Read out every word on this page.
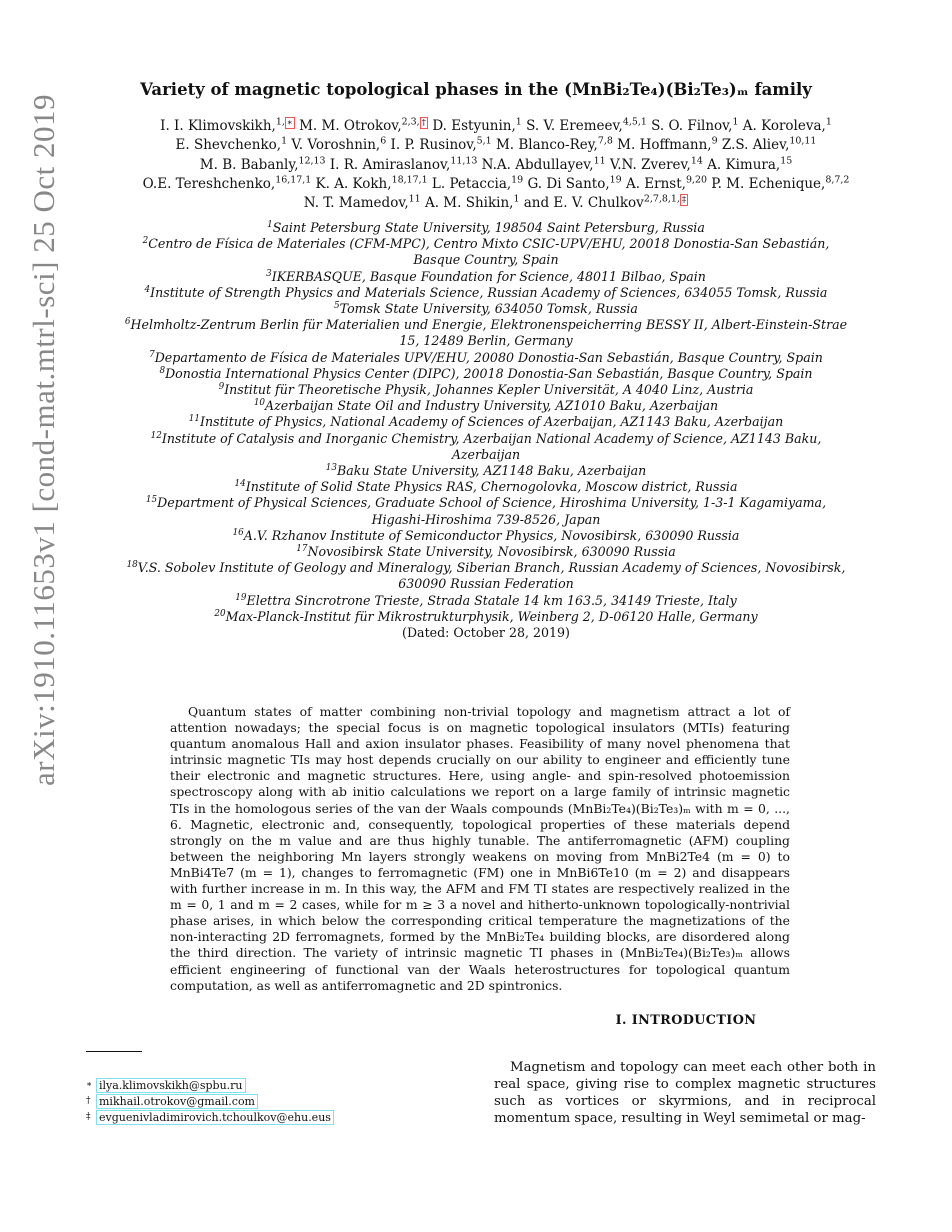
arXiv:1910.11653v1 [cond-mat.mtrl-sci] 25 Oct 2019
Variety of magnetic topological phases in the (MnBi₂Te₄)(Bi₂Te₃)ₘ family
I. I. Klimovskikh,$^{1,}$ ∗ M. M. Otrokov,$^{2,3,}$ † D. Estyunin,$^1$ S. V. Eremeev,$^{4,5,1}$ S. O. Filnov,$^1$ A. Koroleva,$^1$ E. Shevchenko,$^1$ V. Voroshnin,$^6$ I. P. Rusinov,$^{5,1}$ M. Blanco-Rey,$^{7,8}$ M. Hoffmann,$^9$ Z.S. Aliev,$^{10,11}$ M. B. Babanly,$^{12,13}$ I. R. Amiraslanov,$^{11,13}$ N.A. Abdullayev,$^{11}$ V.N. Zverev,$^{14}$ A. Kimura,$^{15}$ O.E. Tereshchenko,$^{16,17,1}$ K. A. Kokh,$^{18,17,1}$ L. Petaccia,$^{19}$ G. Di Santo,$^{19}$ A. Ernst,$^{9,20}$ P. M. Echenique,$^{8,7,2}$ N. T. Mamedov,$^{11}$ A. M. Shikin,$^1$ and E. V. Chulkov$^{2,7,8,1,}$ ‡
$^1$Saint Petersburg State University, 198504 Saint Petersburg, Russia
$^2$Centro de Física de Materiales (CFM-MPC), Centro Mixto CSIC-UPV/EHU, 20018 Donostia-San Sebastián, Basque Country, Spain
$^3$IKERBASQUE, Basque Foundation for Science, 48011 Bilbao, Spain
$^4$Institute of Strength Physics and Materials Science, Russian Academy of Sciences, 634055 Tomsk, Russia
$^5$Tomsk State University, 634050 Tomsk, Russia
$^6$Helmholtz-Zentrum Berlin für Materialien und Energie, Elektronenspeicherring BESSY II, Albert-Einstein-Strae 15, 12489 Berlin, Germany
$^7$Departamento de Física de Materiales UPV/EHU, 20080 Donostia-San Sebastián, Basque Country, Spain
$^8$Donostia International Physics Center (DIPC), 20018 Donostia-San Sebastián, Basque Country, Spain
$^9$Institut für Theoretische Physik, Johannes Kepler Universität, A 4040 Linz, Austria
$^{10}$Azerbaijan State Oil and Industry University, AZ1010 Baku, Azerbaijan
$^{11}$Institute of Physics, National Academy of Sciences of Azerbaijan, AZ1143 Baku, Azerbaijan
$^{12}$Institute of Catalysis and Inorganic Chemistry, Azerbaijan National Academy of Science, AZ1143 Baku, Azerbaijan
$^{13}$Baku State University, AZ1148 Baku, Azerbaijan
$^{14}$Institute of Solid State Physics RAS, Chernogolovka, Moscow district, Russia
$^{15}$Department of Physical Sciences, Graduate School of Science, Hiroshima University, 1-3-1 Kagamiyama, Higashi-Hiroshima 739-8526, Japan
$^{16}$A.V. Rzhanov Institute of Semiconductor Physics, Novosibirsk, 630090 Russia
$^{17}$Novosibirsk State University, Novosibirsk, 630090 Russia
$^{18}$V.S. Sobolev Institute of Geology and Mineralogy, Siberian Branch, Russian Academy of Sciences, Novosibirsk, 630090 Russian Federation
$^{19}$Elettra Sincrotrone Trieste, Strada Statale 14 km 163.5, 34149 Trieste, Italy
$^{20}$Max-Planck-Institut für Mikrostrukturphysik, Weinberg 2, D-06120 Halle, Germany
(Dated: October 28, 2019)
Quantum states of matter combining non-trivial topology and magnetism attract a lot of attention nowadays; the special focus is on magnetic topological insulators (MTIs) featuring quantum anomalous Hall and axion insulator phases. Feasibility of many novel phenomena that intrinsic magnetic TIs may host depends crucially on our ability to engineer and efficiently tune their electronic and magnetic structures. Here, using angle- and spin-resolved photoemission spectroscopy along with ab initio calculations we report on a large family of intrinsic magnetic TIs in the homologous series of the van der Waals compounds (MnBi₂Te₄)(Bi₂Te₃)ₘ with m = 0, ..., 6. Magnetic, electronic and, consequently, topological properties of these materials depend strongly on the m value and are thus highly tunable. The antiferromagnetic (AFM) coupling between the neighboring Mn layers strongly weakens on moving from MnBi2Te4 (m = 0) to MnBi4Te7 (m = 1), changes to ferromagnetic (FM) one in MnBi6Te10 (m = 2) and disappears with further increase in m. In this way, the AFM and FM TI states are respectively realized in the m = 0, 1 and m = 2 cases, while for m ≥ 3 a novel and hitherto-unknown topologically-nontrivial phase arises, in which below the corresponding critical temperature the magnetizations of the non-interacting 2D ferromagnets, formed by the MnBi₂Te₄ building blocks, are disordered along the third direction. The variety of intrinsic magnetic TI phases in (MnBi₂Te₄)(Bi₂Te₃)ₘ allows efficient engineering of functional van der Waals heterostructures for topological quantum computation, as well as antiferromagnetic and 2D spintronics.
I. INTRODUCTION
Magnetism and topology can meet each other both in real space, giving rise to complex magnetic structures such as vortices or skyrmions, and in reciprocal momentum space, resulting in Weyl semimetal or mag-
∗ ilya.klimovskikh@spbu.ru
† mikhail.otrokov@gmail.com
‡ evguenivladimirovich.tchoulkov@ehu.eus
